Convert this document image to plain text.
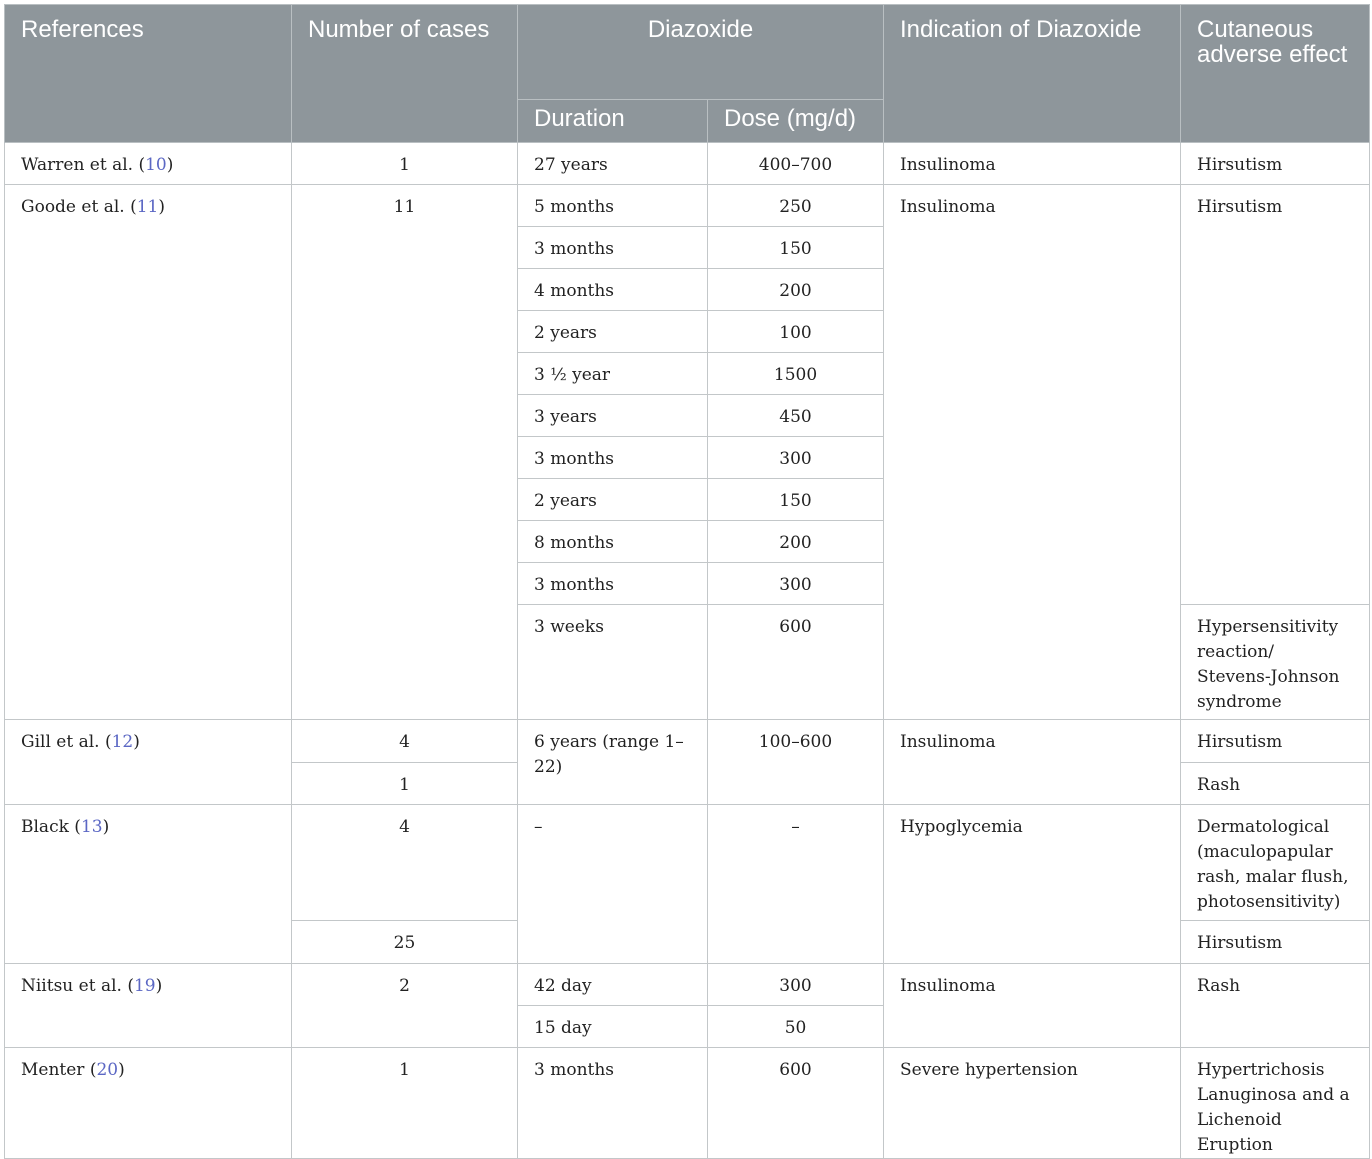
References	Number of cases	Diazoxide		Indication of Diazoxide	Cutaneous adverse effect
		Duration	Dose (mg/d)		
Warren et al. (10)	1	27 years	400–700	Insulinoma	Hirsutism
Goode et al. (11)	11	5 months	250	Insulinoma	Hirsutism
		3 months	150		
		4 months	200		
		2 years	100		
		3 ½ year	1500		
		3 years	450		
		3 months	300		
		2 years	150		
		8 months	200		
		3 months	300		
		3 weeks	600		Hypersensitivity reaction/ Stevens-Johnson syndrome
Gill et al. (12)	4	6 years (range 1–22)	100–600	Insulinoma	Hirsutism
	1				Rash
Black (13)	4	–	–	Hypoglycemia	Dermatological (maculopapular rash, malar flush, photosensitivity)
	25				Hirsutism
Niitsu et al. (19)	2	42 day	300	Insulinoma	Rash
		15 day	50		
Menter (20)	1	3 months	600	Severe hypertension	Hypertrichosis Lanuginosa and a Lichenoid Eruption
